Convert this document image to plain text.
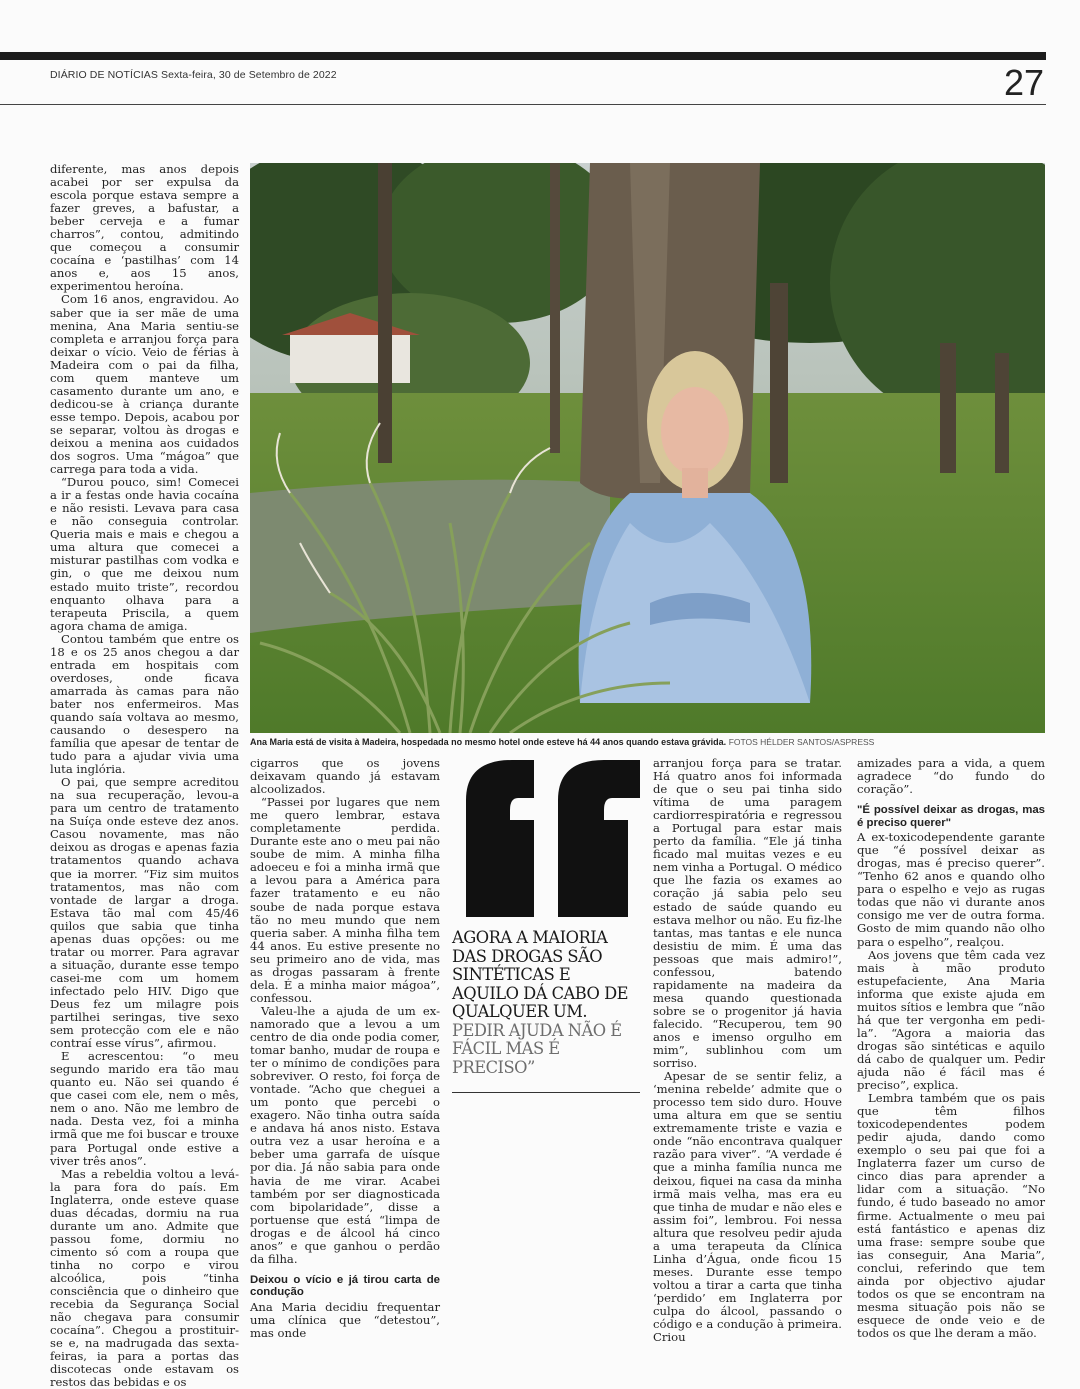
DIÁRIO DE NOTÍCIAS Sexta-feira, 30 de Setembro de 2022	27

diferente, mas anos depois acabei por ser expulsa da escola porque estava sempre a fazer greves, a bafustar, a beber cerveja e a fumar charros”, contou, admitindo que começou a consumir cocaína e ‘pastilhas’ com 14 anos e, aos 15 anos, experimentou heroína.

Com 16 anos, engravidou. Ao saber que ia ser mãe de uma menina, Ana Maria sentiu-se completa e arranjou força para deixar o vício. Veio de férias à Madeira com o pai da filha, com quem manteve um casamento durante um ano, e dedicou-se à criança durante esse tempo. Depois, acabou por se separar, voltou às drogas e deixou a menina aos cuidados dos sogros. Uma “mágoa” que carrega para toda a vida.

“Durou pouco, sim! Comecei a ir a festas onde havia cocaína e não resisti. Levava para casa e não conseguia controlar. Queria mais e mais e chegou a uma altura que comecei a misturar pastilhas com vodka e gin, o que me deixou num estado muito triste”, recordou enquanto olhava para a terapeuta Priscila, a quem agora chama de amiga.

Contou também que entre os 18 e os 25 anos chegou a dar entrada em hospitais com overdoses, onde ficava amarrada às camas para não bater nos enfermeiros. Mas quando saía voltava ao mesmo, causando o desespero na família que apesar de tentar de tudo para a ajudar vivia uma luta inglória.

O pai, que sempre acreditou na sua recuperação, levou-a para um centro de tratamento na Suíça onde esteve dez anos. Casou novamente, mas não deixou as drogas e apenas fazia tratamentos quando achava que ia morrer. “Fiz sim muitos tratamentos, mas não com vontade de largar a droga. Estava tão mal com 45/46 quilos que sabia que tinha apenas duas opções: ou me tratar ou morrer. Para agravar a situação, durante esse tempo casei-me com um homem infectado pelo HIV. Digo que Deus fez um milagre pois partilhei seringas, tive sexo sem protecção com ele e não contraí esse vírus”, afirmou.

E acrescentou: “o meu segundo marido era tão mau quanto eu. Não sei quando é que casei com ele, nem o mês, nem o ano. Não me lembro de nada. Desta vez, foi a minha irmã que me foi buscar e trouxe para Portugal onde estive a viver três anos”.

Mas a rebeldia voltou a levá-la para fora do país. Em Inglaterra, onde esteve quase duas décadas, dormiu na rua durante um ano. Admite que passou fome, dormiu no cimento só com a roupa que tinha no corpo e virou alcoólica, pois “tinha consciência que o dinheiro que recebia da Segurança Social não chegava para consumir cocaína”. Chegou a prostituir-se e, na madrugada das sexta-feiras, ia para a portas das discotecas onde estavam os restos das bebidas e os

Ana Maria está de visita à Madeira, hospedada no mesmo hotel onde esteve há 44 anos quando estava grávida. FOTOS HÉLDER SANTOS/ASPRESS

cigarros que os jovens deixavam quando já estavam alcoolizados.

“Passei por lugares que nem me quero lembrar, estava completamente perdida. Durante este ano o meu pai não soube de mim. A minha filha adoeceu e foi a minha irmã que a levou para a América para fazer tratamento e eu não soube de nada porque estava tão no meu mundo que nem queria saber. A minha filha tem 44 anos. Eu estive presente no seu primeiro ano de vida, mas as drogas passaram à frente dela. É a minha maior mágoa”, confessou.

Valeu-lhe a ajuda de um ex-namorado que a levou a um centro de dia onde podia comer, tomar banho, mudar de roupa e ter o mínimo de condições para sobreviver. O resto, foi força de vontade. “Acho que cheguei a um ponto que percebi o exagero. Não tinha outra saída e andava há anos nisto. Estava outra vez a usar heroína e a beber uma garrafa de uísque por dia. Já não sabia para onde havia de me virar. Acabei também por ser diagnosticada com bipolaridade”, disse a portuense que está “limpa de drogas e de álcool há cinco anos” e que ganhou o perdão da filha.

Deixou o vício e já tirou carta de condução

Ana Maria decidiu frequentar uma clínica que “detestou”, mas onde

AGORA A MAIORIA DAS DROGAS SÃO SINTÉTICAS E AQUILO DÁ CABO DE QUALQUER UM. PEDIR AJUDA NÃO É FÁCIL MAS É PRECISO”

arranjou força para se tratar. Há quatro anos foi informada de que o seu pai tinha sido vítima de uma paragem cardiorrespiratória e regressou a Portugal para estar mais perto da família. “Ele já tinha ficado mal muitas vezes e eu nem vinha a Portugal. O médico que lhe fazia os exames ao coração já sabia pelo seu estado de saúde quando eu estava melhor ou não. Eu fiz-lhe tantas, mas tantas e ele nunca desistiu de mim. É uma das pessoas que mais admiro!”, confessou, batendo rapidamente na madeira da mesa quando questionada sobre se o progenitor já havia falecido. “Recuperou, tem 90 anos e imenso orgulho em mim”, sublinhou com um sorriso.

Apesar de se sentir feliz, a ‘menina rebelde’ admite que o processo tem sido duro. Houve uma altura em que se sentiu extremamente triste e vazia e onde “não encontrava qualquer razão para viver”. “A verdade é que a minha família nunca me deixou, fiquei na casa da minha irmã mais velha, mas era eu que tinha de mudar e não eles e assim foi”, lembrou. Foi nessa altura que resolveu pedir ajuda a uma terapeuta da Clínica Linha d’Água, onde ficou 15 meses. Durante esse tempo voltou a tirar a carta que tinha ‘perdido’ em Inglaterra por culpa do álcool, passando o código e a condução à primeira. Criou

amizades para a vida, a quem agradece “do fundo do coração”.

"É possível deixar as drogas, mas é preciso querer"

A ex-toxicodependente garante que “é possível deixar as drogas, mas é preciso querer”. “Tenho 62 anos e quando olho para o espelho e vejo as rugas todas que não vi durante anos consigo me ver de outra forma. Gosto de mim quando não olho para o espelho”, realçou.

Aos jovens que têm cada vez mais à mão produto estupefaciente, Ana Maria informa que existe ajuda em muitos sítios e lembra que “não há que ter vergonha em pedi-la”. “Agora a maioria das drogas são sintéticas e aquilo dá cabo de qualquer um. Pedir ajuda não é fácil mas é preciso”, explica.

Lembra também que os pais que têm filhos toxicodependentes podem pedir ajuda, dando como exemplo o seu pai que foi a Inglaterra fazer um curso de cinco dias para aprender a lidar com a situação. “No fundo, é tudo baseado no amor firme. Actualmente o meu pai está fantástico e apenas diz uma frase: sempre soube que ias conseguir, Ana Maria”, conclui, referindo que tem ainda por objectivo ajudar todos os que se encontram na mesma situação pois não se esquece de onde veio e de todos os que lhe deram a mão.
